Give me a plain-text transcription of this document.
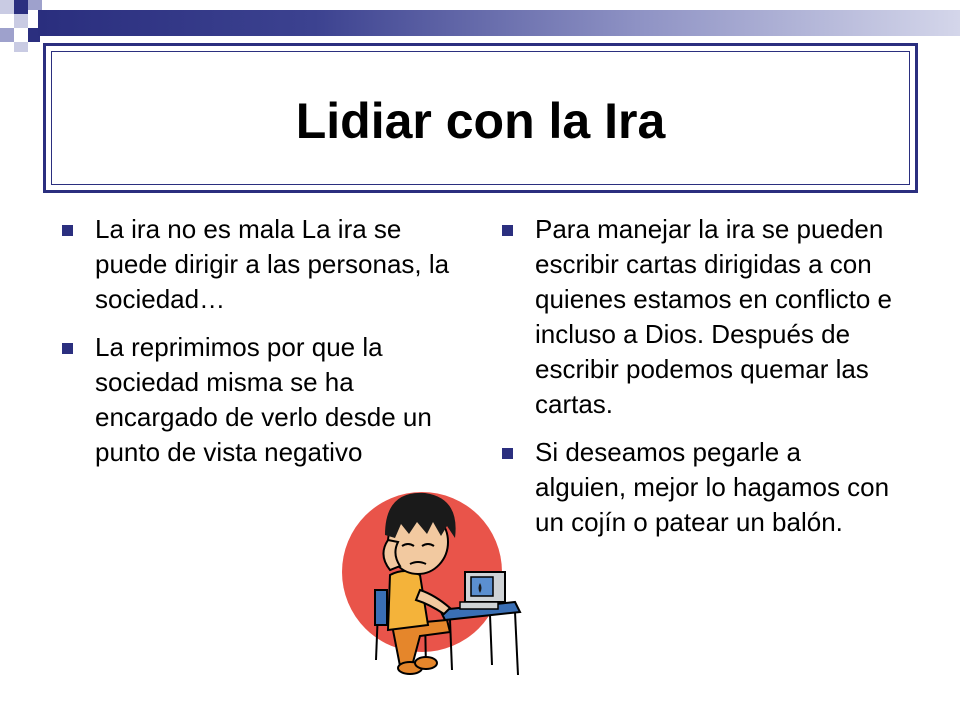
Lidiar con la Ira
La ira no es mala La ira se puede dirigir a las personas, la sociedad…
La reprimimos por que la sociedad misma se ha encargado de verlo desde un punto de vista negativo
Para manejar la ira se pueden escribir cartas dirigidas a con quienes estamos en conflicto e incluso a Dios. Después de escribir podemos quemar las cartas.
Si deseamos pegarle a alguien, mejor lo hagamos con un cojín o patear un balón.
